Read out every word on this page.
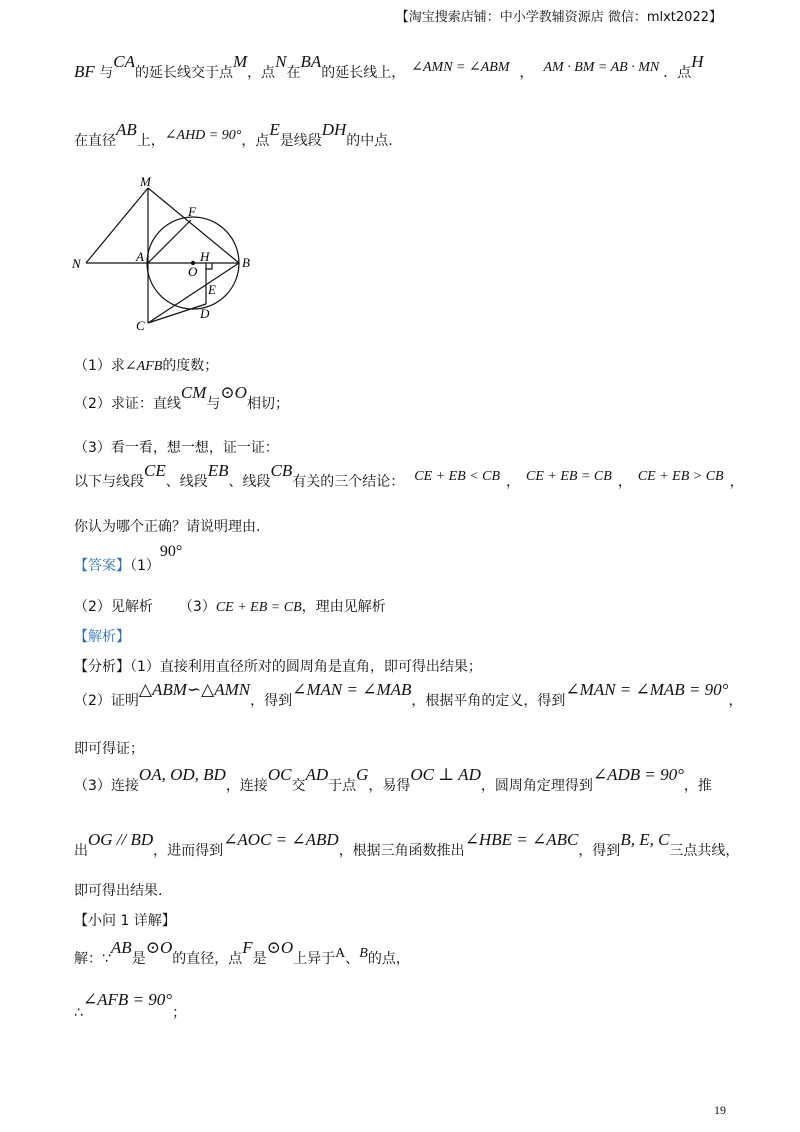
【淘宝搜索店铺：中小学教辅资源店 微信：mlxt2022】
BF 与CA的延长线交于点M，点N在BA的延长线上， ∠AMN = ∠ABM ， AM · BM = AB · MN ．点H
在直径AB上，∠AHD = 90°，点E是线段DH的中点.
M
F
N	A	H
O
B
E
C
D
（1）求∠AFB的度数；
（2）求证：直线CM与⊙O相切；
（3）看一看，想一想，证一证：
以下与线段CE、线段EB、线段CB有关的三个结论： CE + EB < CB ， CE + EB = CB ， CE + EB > CB ，
你认为哪个正确？请说明理由.
【答案】（1）90°
（2）见解析 （3）CE + EB = CB，理由见解析
【解析】
【分析】（1）直接利用直径所对的圆周角是直角，即可得出结果；
（2）证明△ABM∽△AMN，得到∠MAN = ∠MAB，根据平角的定义，得到∠MAN = ∠MAB = 90°，
即可得证；
（3）连接OA, OD, BD，连接OC交AD于点G，易得OC ⊥ AD，圆周角定理得到∠ADB = 90°，推
出OG // BD，进而得到∠AOC = ∠ABD，根据三角函数推出∠HBE = ∠ABC，得到B, E, C三点共线，
即可得出结果.
【小问 1 详解】
解：∵AB是⊙O的直径，点F是⊙O上异于A、B的点，
∴∠AFB = 90°；
19
